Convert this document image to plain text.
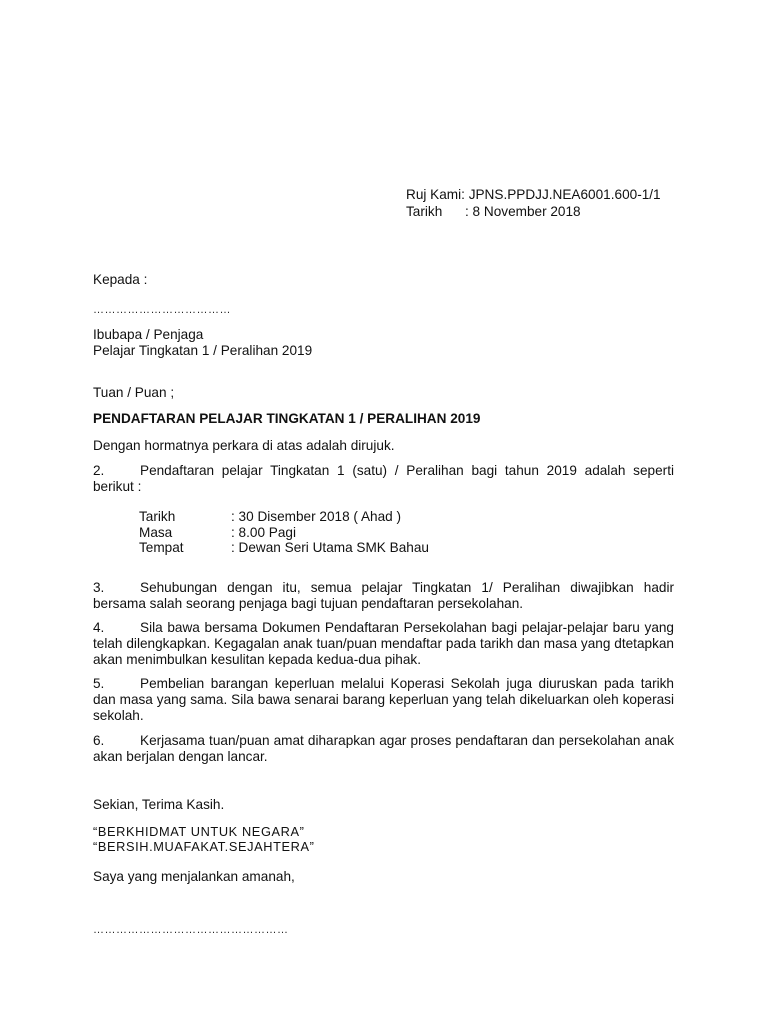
Ruj Kami: JPNS.PPDJJ.NEA6001.600-1/1
Tarikh : 8 November 2018
Kepada :
………………………………
Ibubapa / Penjaga
Pelajar Tingkatan 1 / Peralihan 2019
Tuan / Puan ;
PENDAFTARAN PELAJAR TINGKATAN 1 / PERALIHAN 2019
Dengan hormatnya perkara di atas adalah dirujuk.
2.	Pendaftaran pelajar Tingkatan 1 (satu) / Peralihan bagi tahun 2019 adalah seperti berikut :
Tarikh	: 30 Disember 2018 ( Ahad )
Masa	: 8.00 Pagi
Tempat	: Dewan Seri Utama SMK Bahau
3.	Sehubungan dengan itu, semua pelajar Tingkatan 1/ Peralihan diwajibkan hadir bersama salah seorang penjaga bagi tujuan pendaftaran persekolahan.
4.	Sila bawa bersama Dokumen Pendaftaran Persekolahan bagi pelajar-pelajar baru yang telah dilengkapkan. Kegagalan anak tuan/puan mendaftar pada tarikh dan masa yang dtetapkan akan menimbulkan kesulitan kepada kedua-dua pihak.
5.	Pembelian barangan keperluan melalui Koperasi Sekolah juga diuruskan pada tarikh dan masa yang sama. Sila bawa senarai barang keperluan yang telah dikeluarkan oleh koperasi sekolah.
6.	Kerjasama tuan/puan amat diharapkan agar proses pendaftaran dan persekolahan anak akan berjalan dengan lancar.
Sekian, Terima Kasih.
“BERKHIDMAT UNTUK NEGARA”
“BERSIH.MUAFAKAT.SEJAHTERA”
Saya yang menjalankan amanah,
……………………………………………
